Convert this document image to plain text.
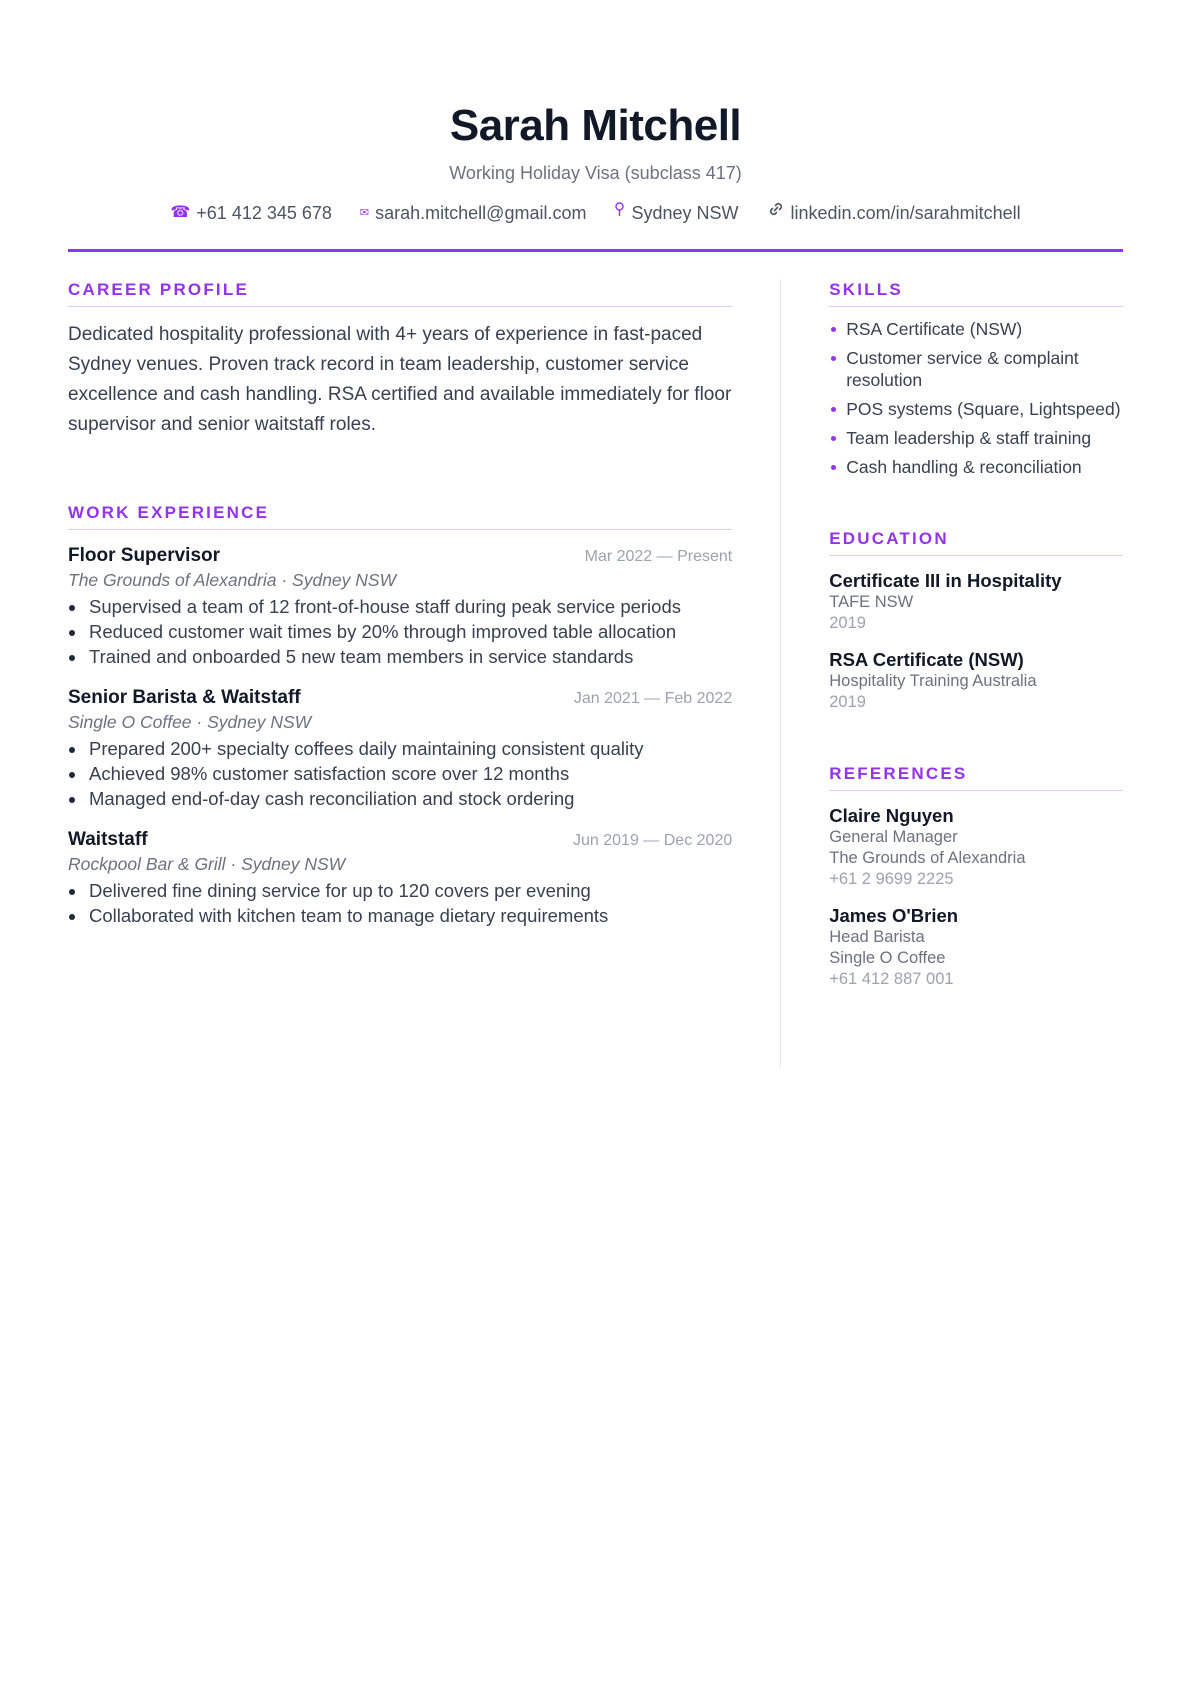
Sarah Mitchell
Working Holiday Visa (subclass 417)
☎ +61 412 345 678	✉ sarah.mitchell@gmail.com	Sydney NSW	linkedin.com/in/sarahmitchell
CAREER PROFILE

Dedicated hospitality professional with 4+ years of experience in fast-paced Sydney venues. Proven track record in team leadership, customer service excellence and cash handling. RSA certified and available immediately for floor supervisor and senior waitstaff roles.

WORK EXPERIENCE
Floor Supervisor	Mar 2022 — Present
The Grounds of Alexandria · Sydney NSW
Supervised a team of 12 front-of-house staff during peak service periods
Reduced customer wait times by 20% through improved table allocation
Trained and onboarded 5 new team members in service standards
Senior Barista & Waitstaff	Jan 2021 — Feb 2022
Single O Coffee · Sydney NSW
Prepared 200+ specialty coffees daily maintaining consistent quality
Achieved 98% customer satisfaction score over 12 months
Managed end-of-day cash reconciliation and stock ordering
Waitstaff	Jun 2019 — Dec 2020
Rockpool Bar & Grill · Sydney NSW
Delivered fine dining service for up to 120 covers per evening
Collaborated with kitchen team to manage dietary requirements
SKILLS
RSA Certificate (NSW)
Customer service & complaint resolution
POS systems (Square, Lightspeed)
Team leadership & staff training
Cash handling & reconciliation
EDUCATION
Certificate III in Hospitality
TAFE NSW
2019
RSA Certificate (NSW)
Hospitality Training Australia
2019
REFERENCES
Claire Nguyen
General Manager
The Grounds of Alexandria
+61 2 9699 2225
James O'Brien
Head Barista
Single O Coffee
+61 412 887 001
